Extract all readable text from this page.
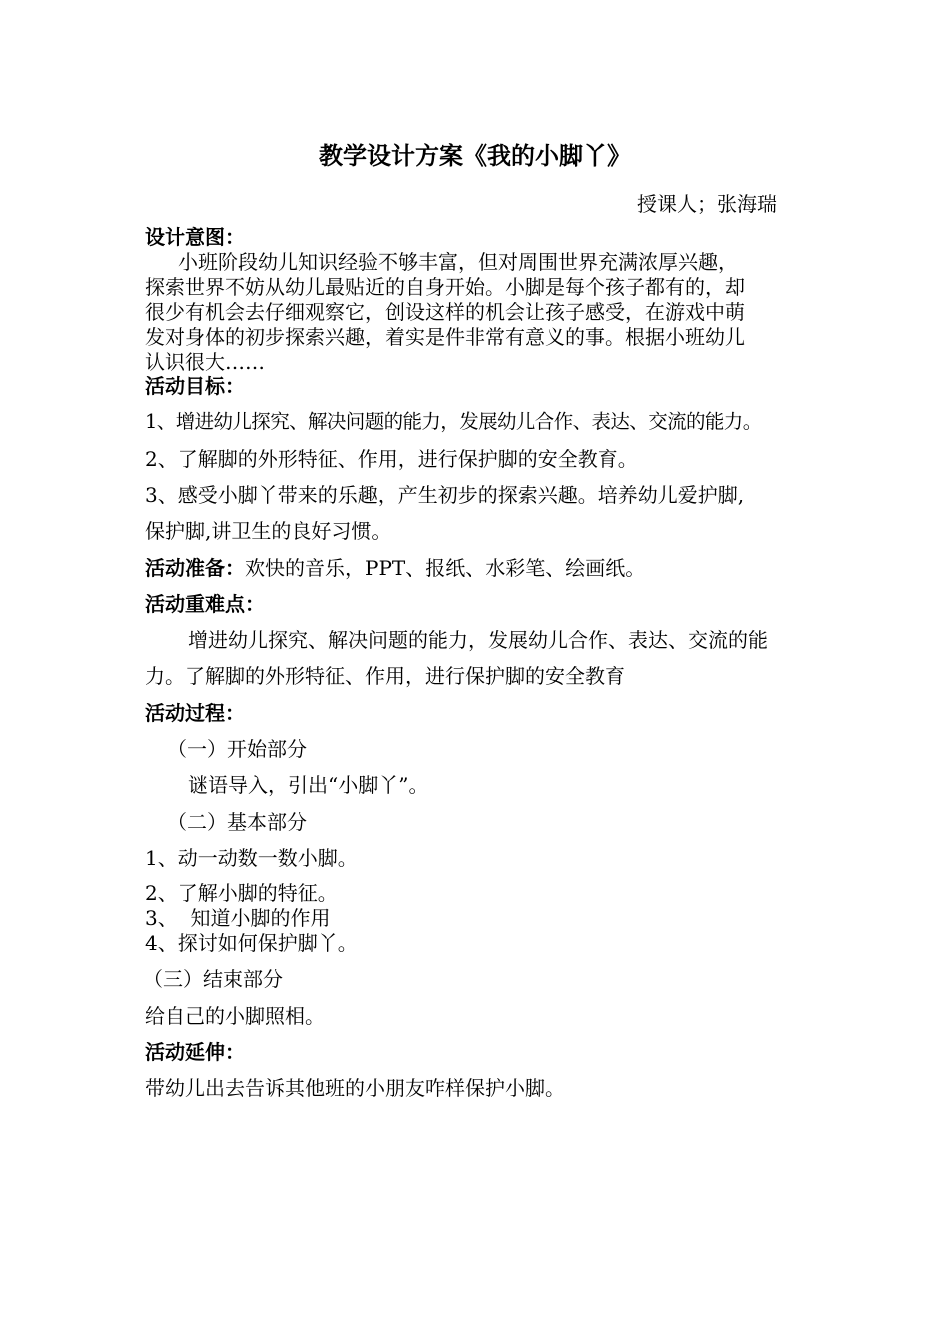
教学设计方案《我的小脚丫》
授课人；张海瑞
设计意图：
小班阶段幼儿知识经验不够丰富，但对周围世界充满浓厚兴趣，
探索世界不妨从幼儿最贴近的自身开始。小脚是每个孩子都有的，却
很少有机会去仔细观察它，创设这样的机会让孩子感受，在游戏中萌
发对身体的初步探索兴趣，着实是件非常有意义的事。根据小班幼儿
认识很大……
活动目标：
1、增进幼儿探究、解决问题的能力，发展幼儿合作、表达、交流的能力。
2、了解脚的外形特征、作用，进行保护脚的安全教育。
3、感受小脚丫带来的乐趣，产生初步的探索兴趣。培养幼儿爱护脚,
保护脚,讲卫生的良好习惯。
活动准备：欢快的音乐，PPT、报纸、水彩笔、绘画纸。
活动重难点：
增进幼儿探究、解决问题的能力，发展幼儿合作、表达、交流的能
力。了解脚的外形特征、作用，进行保护脚的安全教育
活动过程：
（一）开始部分
谜语导入，引出“小脚丫”。
（二）基本部分
1、动一动数一数小脚。
2、了解小脚的特征。
3、  知道小脚的作用
4、探讨如何保护脚丫。
（三）结束部分
给自己的小脚照相。
活动延伸：
带幼儿出去告诉其他班的小朋友咋样保护小脚。
